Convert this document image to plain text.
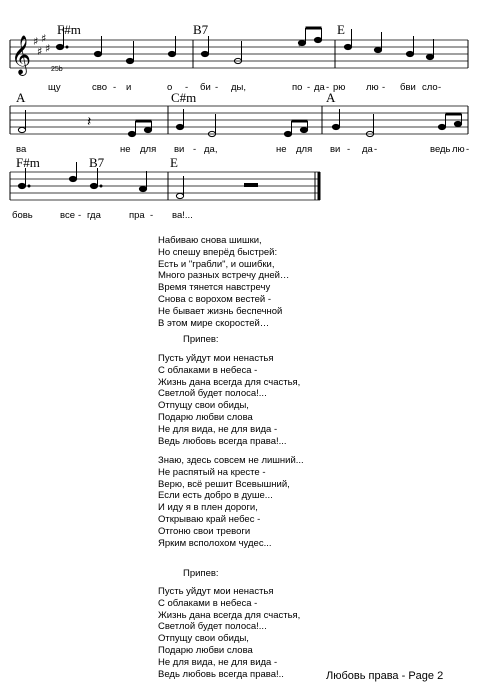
F#m	B7	E
A	C#m	A
F#m	B7	E
25b
𝄞 ♯
♯
♯
♯	♯
𝄽
щу	сво - и	о - би - ды,	по - да - рю лю - бви сло -
ва	не для ви - да,	не для ви - да -	ведь лю -
бовь	все - гда	пра - ва!...
Набиваю снова шишки,
Но спешу вперёд быстрей:
Есть и "грабли", и ошибки,
Много разных встречу дней…
Время тянется навстречу
Снова с ворохом вестей -
Не бывает жизнь беспечной
В этом мире скоростей…
Припев:
Пусть уйдут мои ненастья
С облаками в небеса -
Жизнь дана всегда для счастья,
Светлой будет полоса!...
Отпущу свои обиды,
Подарю любви слова
Не для вида, не для вида -
Ведь любовь всегда права!...
Знаю, здесь совсем не лишний...
Не распятый на кресте -
Верю, всё решит Всевышний,
Если есть добро в душе...
И иду я в плен дороги,
Открываю край небес -
Отгоню свои тревоги
Ярким всполохом чудес...
Припев:
Пусть уйдут мои ненастья
С облаками в небеса -
Жизнь дана всегда для счастья,
Светлой будет полоса!...
Отпущу свои обиды,
Подарю любви слова
Не для вида, не для вида -
Ведь любовь всегда права!..	Любовь права - Page 2
